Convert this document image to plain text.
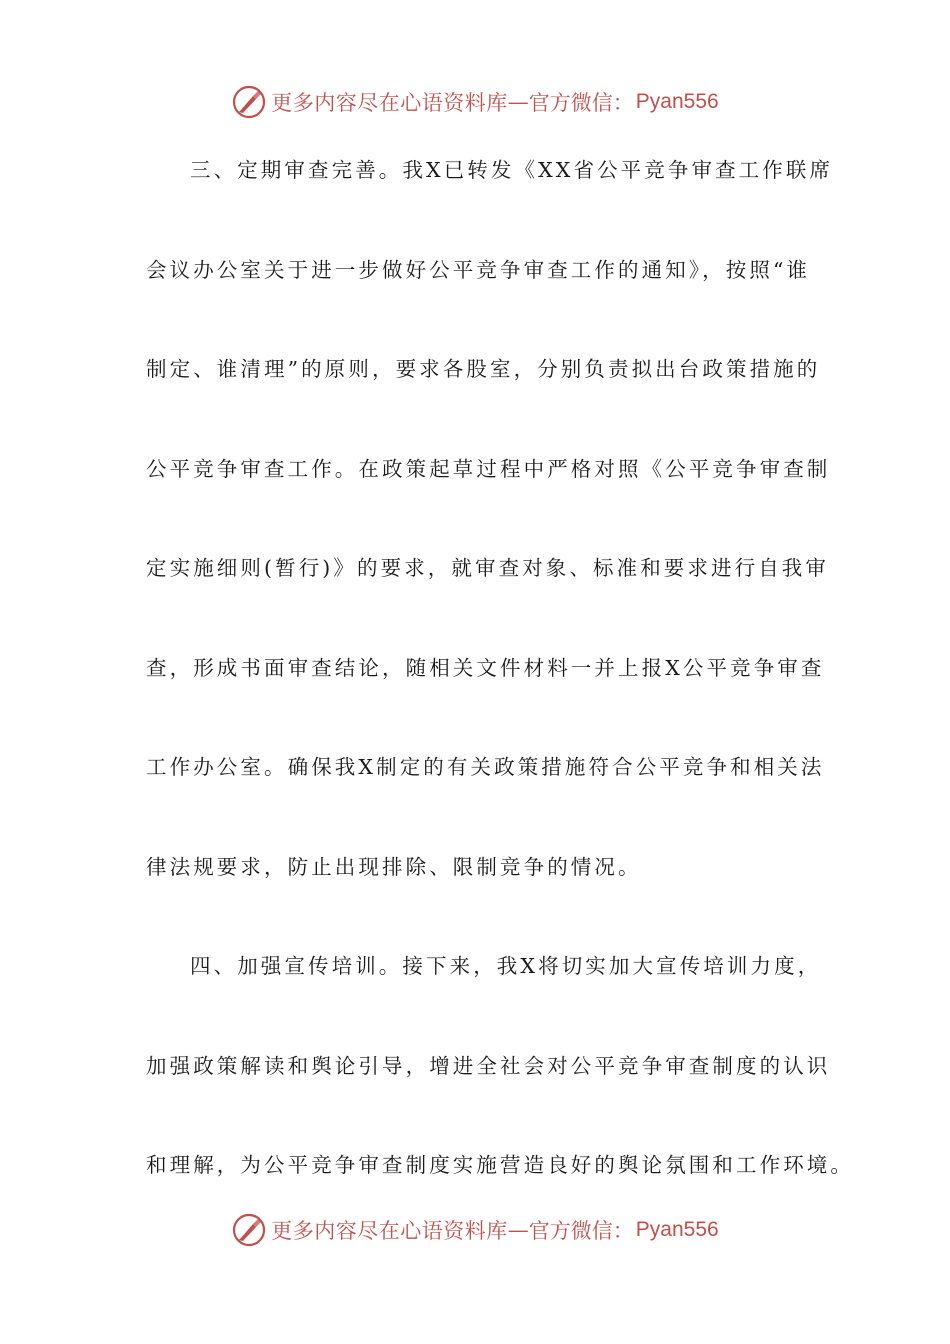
更多内容尽在心语资料库 — 官方微信： Pyan556
三、定期审查完善。我X已转发《XX省公平竞争审查工作联席
会议办公室关于进一步做好公平竞争审查工作的通知》，按照“谁
制定、谁清理”的原则，要求各股室，分别负责拟出台政策措施的
公平竞争审查工作。在政策起草过程中严格对照《公平竞争审查制
定实施细则(暂行)》的要求，就审查对象、标准和要求进行自我审
查，形成书面审查结论，随相关文件材料一并上报X公平竞争审查
工作办公室。确保我X制定的有关政策措施符合公平竞争和相关法
律法规要求，防止出现排除、限制竞争的情况。
四、加强宣传培训。接下来，我X将切实加大宣传培训力度，
加强政策解读和舆论引导，增进全社会对公平竞争审查制度的认识
和理解，为公平竞争审查制度实施营造良好的舆论氛围和工作环境。
更多内容尽在心语资料库 — 官方微信： Pyan556
